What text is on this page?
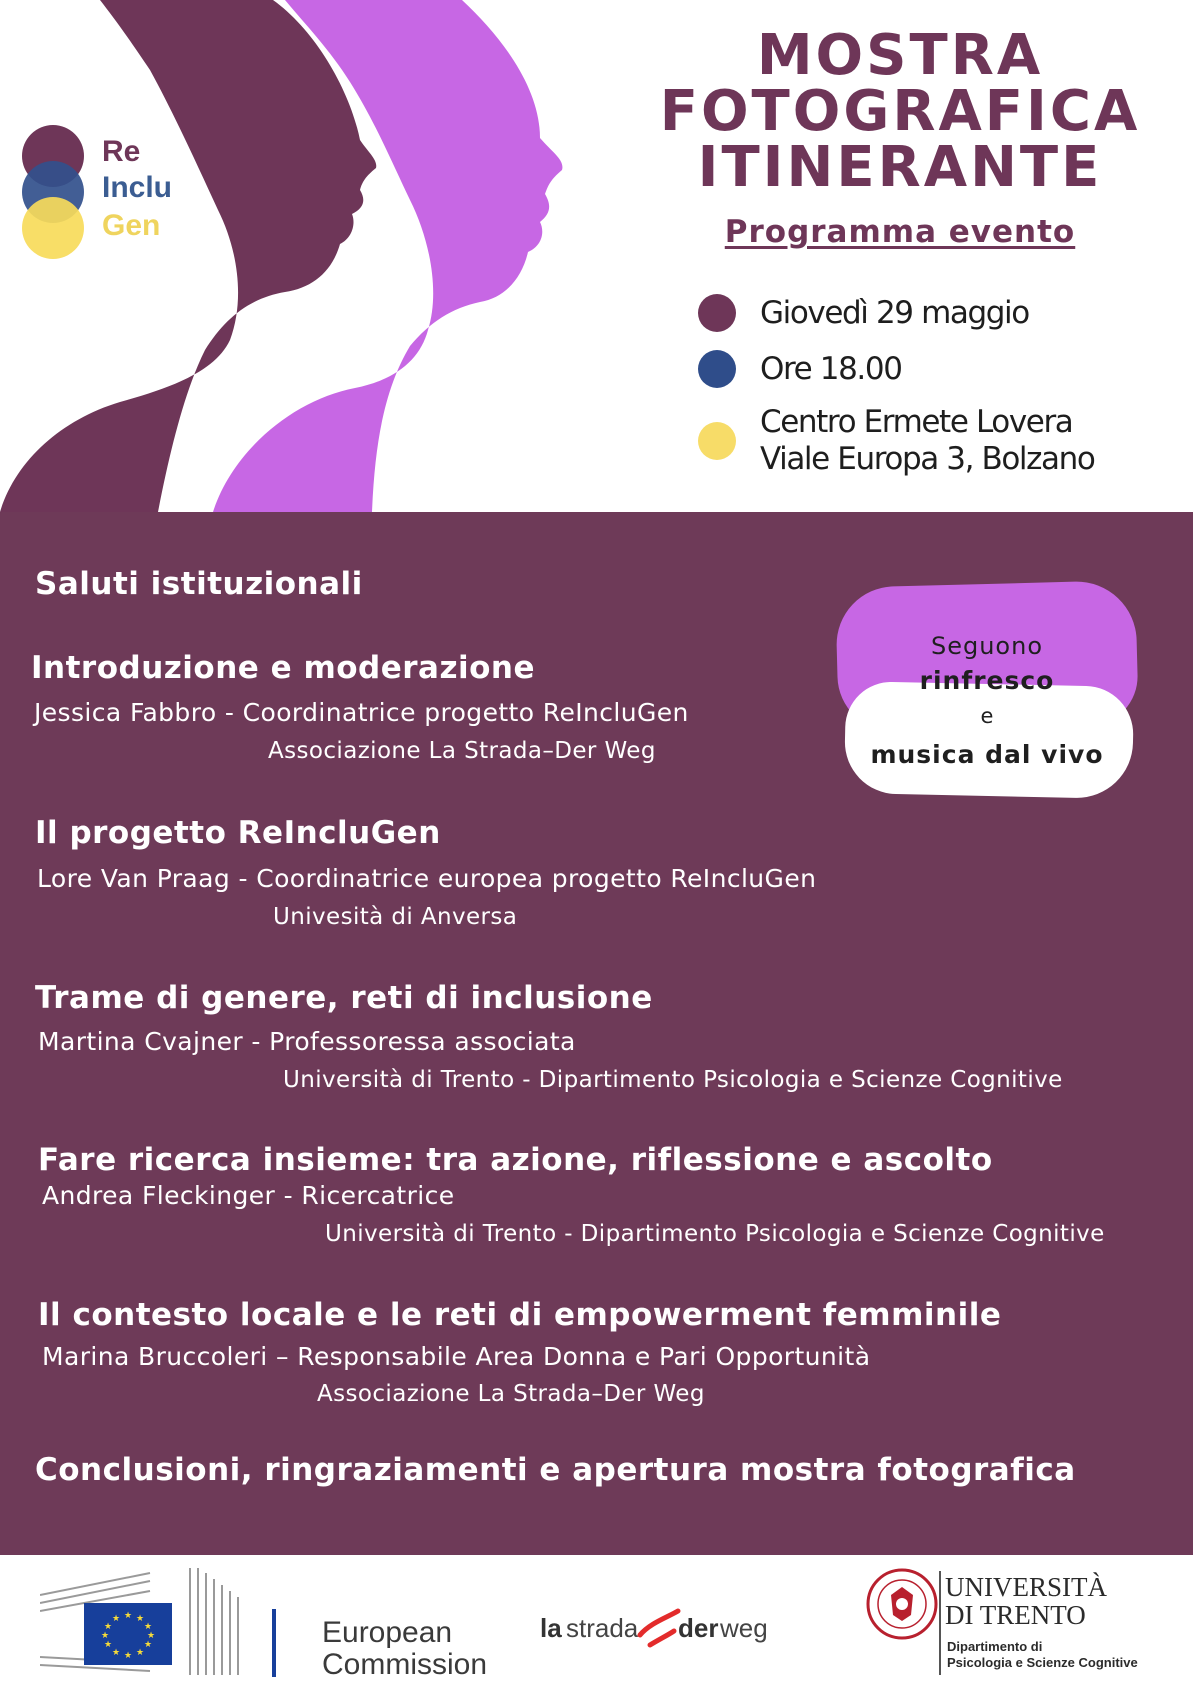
Re
Inclu
Gen
MOSTRA
FOTOGRAFICA
ITINERANTE
Programma evento
Giovedì 29 maggio
Ore 18.00
Centro Ermete Lovera
Viale Europa 3, Bolzano
Saluti istituzionali
Introduzione e moderazione
Jessica Fabbro - Coordinatrice progetto ReIncluGen
Associazione La Strada–Der Weg
Il progetto ReIncluGen
Lore Van Praag - Coordinatrice europea progetto ReIncluGen
Univesità di Anversa
Trame di genere, reti di inclusione
Martina Cvajner - Professoressa associata
Università di Trento - Dipartimento Psicologia e Scienze Cognitive
Fare ricerca insieme: tra azione, riflessione e ascolto
Andrea Fleckinger - Ricercatrice
Università di Trento - Dipartimento Psicologia e Scienze Cognitive
Il contesto locale e le reti di empowerment femminile
Marina Bruccoleri – Responsabile Area Donna e Pari Opportunità
Associazione La Strada–Der Weg
Conclusioni, ringraziamenti e apertura mostra fotografica
Seguono
rinfresco
e
musica dal vivo
★ ★
★
★
★
★
★
★
★
★
★
★	European
Commission
la strada der weg
UNIVERSITÀ
DI TRENTO
Dipartimento di
Psicologia e Scienze Cognitive
